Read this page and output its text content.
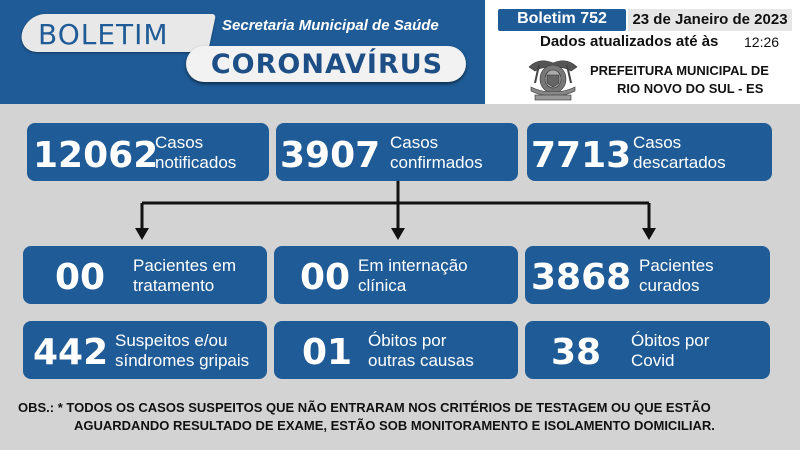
BOLETIM	Secretaria Municipal de Saúde
CORONAVÍRUS
Boletim 752	23 de Janeiro de 2023
Dados atualizados até às 12:26
PREFEITURA MUNICIPAL DE
RIO NOVO DO SUL - ES
12062
Casos
notificados 3907 Casos
confirmados 7713 Casos
descartados
00 Pacientes em
tratamento 00 Em internação
clínica	3868 Pacientes
curados
442 Suspeitos e/ou
síndromes gripais 01 Óbitos por
outras causas 38 Óbitos por
Covid
OBS.: * TODOS OS CASOS SUSPEITOS QUE NÃO ENTRARAM NOS CRITÉRIOS DE TESTAGEM OU QUE ESTÃO
AGUARDANDO RESULTADO DE EXAME, ESTÃO SOB MONITORAMENTO E ISOLAMENTO DOMICILIAR.
